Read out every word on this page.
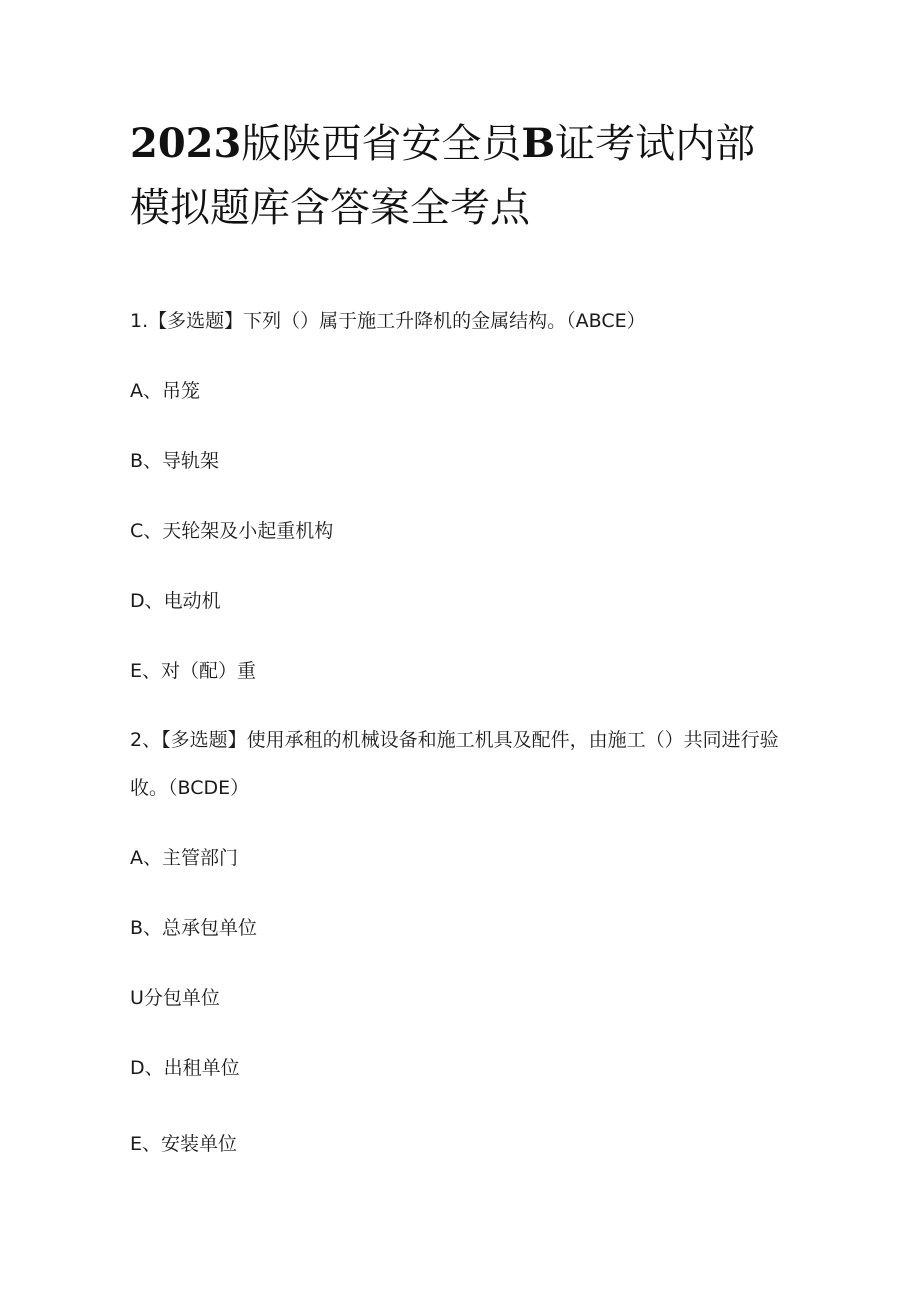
2023版陕西省安全员B证考试内部
模拟题库含答案全考点
1.【多选题】下列（）属于施工升降机的金属结构。（ABCE）
A、吊笼
B、导轨架
C、天轮架及小起重机构
D、电动机
E、对（配）重
2、【多选题】使用承租的机械设备和施工机具及配件，由施工（）共同进行验收。（BCDE）
A、主管部门
B、总承包单位
U分包单位
D、出租单位
E、安装单位
